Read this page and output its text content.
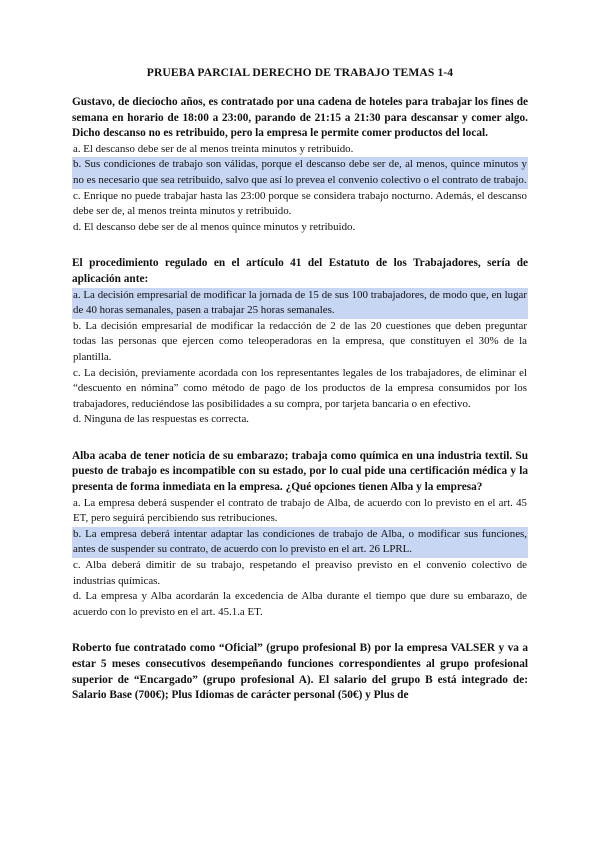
PRUEBA PARCIAL DERECHO DE TRABAJO TEMAS 1-4

Gustavo, de dieciocho años, es contratado por una cadena de hoteles para trabajar los fines de semana en horario de 18:00 a 23:00, parando de 21:15 a 21:30 para descansar y comer algo. Dicho descanso no es retribuido, pero la empresa le permite comer productos del local.

a. El descanso debe ser de al menos treinta minutos y retribuido.
b. Sus condiciones de trabajo son válidas, porque el descanso debe ser de, al menos, quince minutos y no es necesario que sea retribuido, salvo que así lo prevea el convenio colectivo o el contrato de trabajo.
c. Enrique no puede trabajar hasta las 23:00 porque se considera trabajo nocturno. Además, el descanso debe ser de, al menos treinta minutos y retribuido.
d. El descanso debe ser de al menos quince minutos y retribuido.

El procedimiento regulado en el artículo 41 del Estatuto de los Trabajadores, sería de aplicación ante:

a. La decisión empresarial de modificar la jornada de 15 de sus 100 trabajadores, de modo que, en lugar de 40 horas semanales, pasen a trabajar 25 horas semanales.
b. La decisión empresarial de modificar la redacción de 2 de las 20 cuestiones que deben preguntar todas las personas que ejercen como teleoperadoras en la empresa, que constituyen el 30% de la plantilla.
c. La decisión, previamente acordada con los representantes legales de los trabajadores, de eliminar el “descuento en nómina” como método de pago de los productos de la empresa consumidos por los trabajadores, reduciéndose las posibilidades a su compra, por tarjeta bancaria o en efectivo.
d. Ninguna de las respuestas es correcta.

Alba acaba de tener noticia de su embarazo; trabaja como química en una industria textil. Su puesto de trabajo es incompatible con su estado, por lo cual pide una certificación médica y la presenta de forma inmediata en la empresa. ¿Qué opciones tienen Alba y la empresa?

a. La empresa deberá suspender el contrato de trabajo de Alba, de acuerdo con lo previsto en el art. 45 ET, pero seguirá percibiendo sus retribuciones.
b. La empresa deberá intentar adaptar las condiciones de trabajo de Alba, o modificar sus funciones, antes de suspender su contrato, de acuerdo con lo previsto en el art. 26 LPRL.
c. Alba deberá dimitir de su trabajo, respetando el preaviso previsto en el convenio colectivo de industrias químicas.
d. La empresa y Alba acordarán la excedencia de Alba durante el tiempo que dure su embarazo, de acuerdo con lo previsto en el art. 45.1.a ET.

Roberto fue contratado como “Oficial” (grupo profesional B) por la empresa VALSER y va a estar 5 meses consecutivos desempeñando funciones correspondientes al grupo profesional superior de “Encargado” (grupo profesional A). El salario del grupo B está integrado de: Salario Base (700€); Plus Idiomas de carácter personal (50€) y Plus de
